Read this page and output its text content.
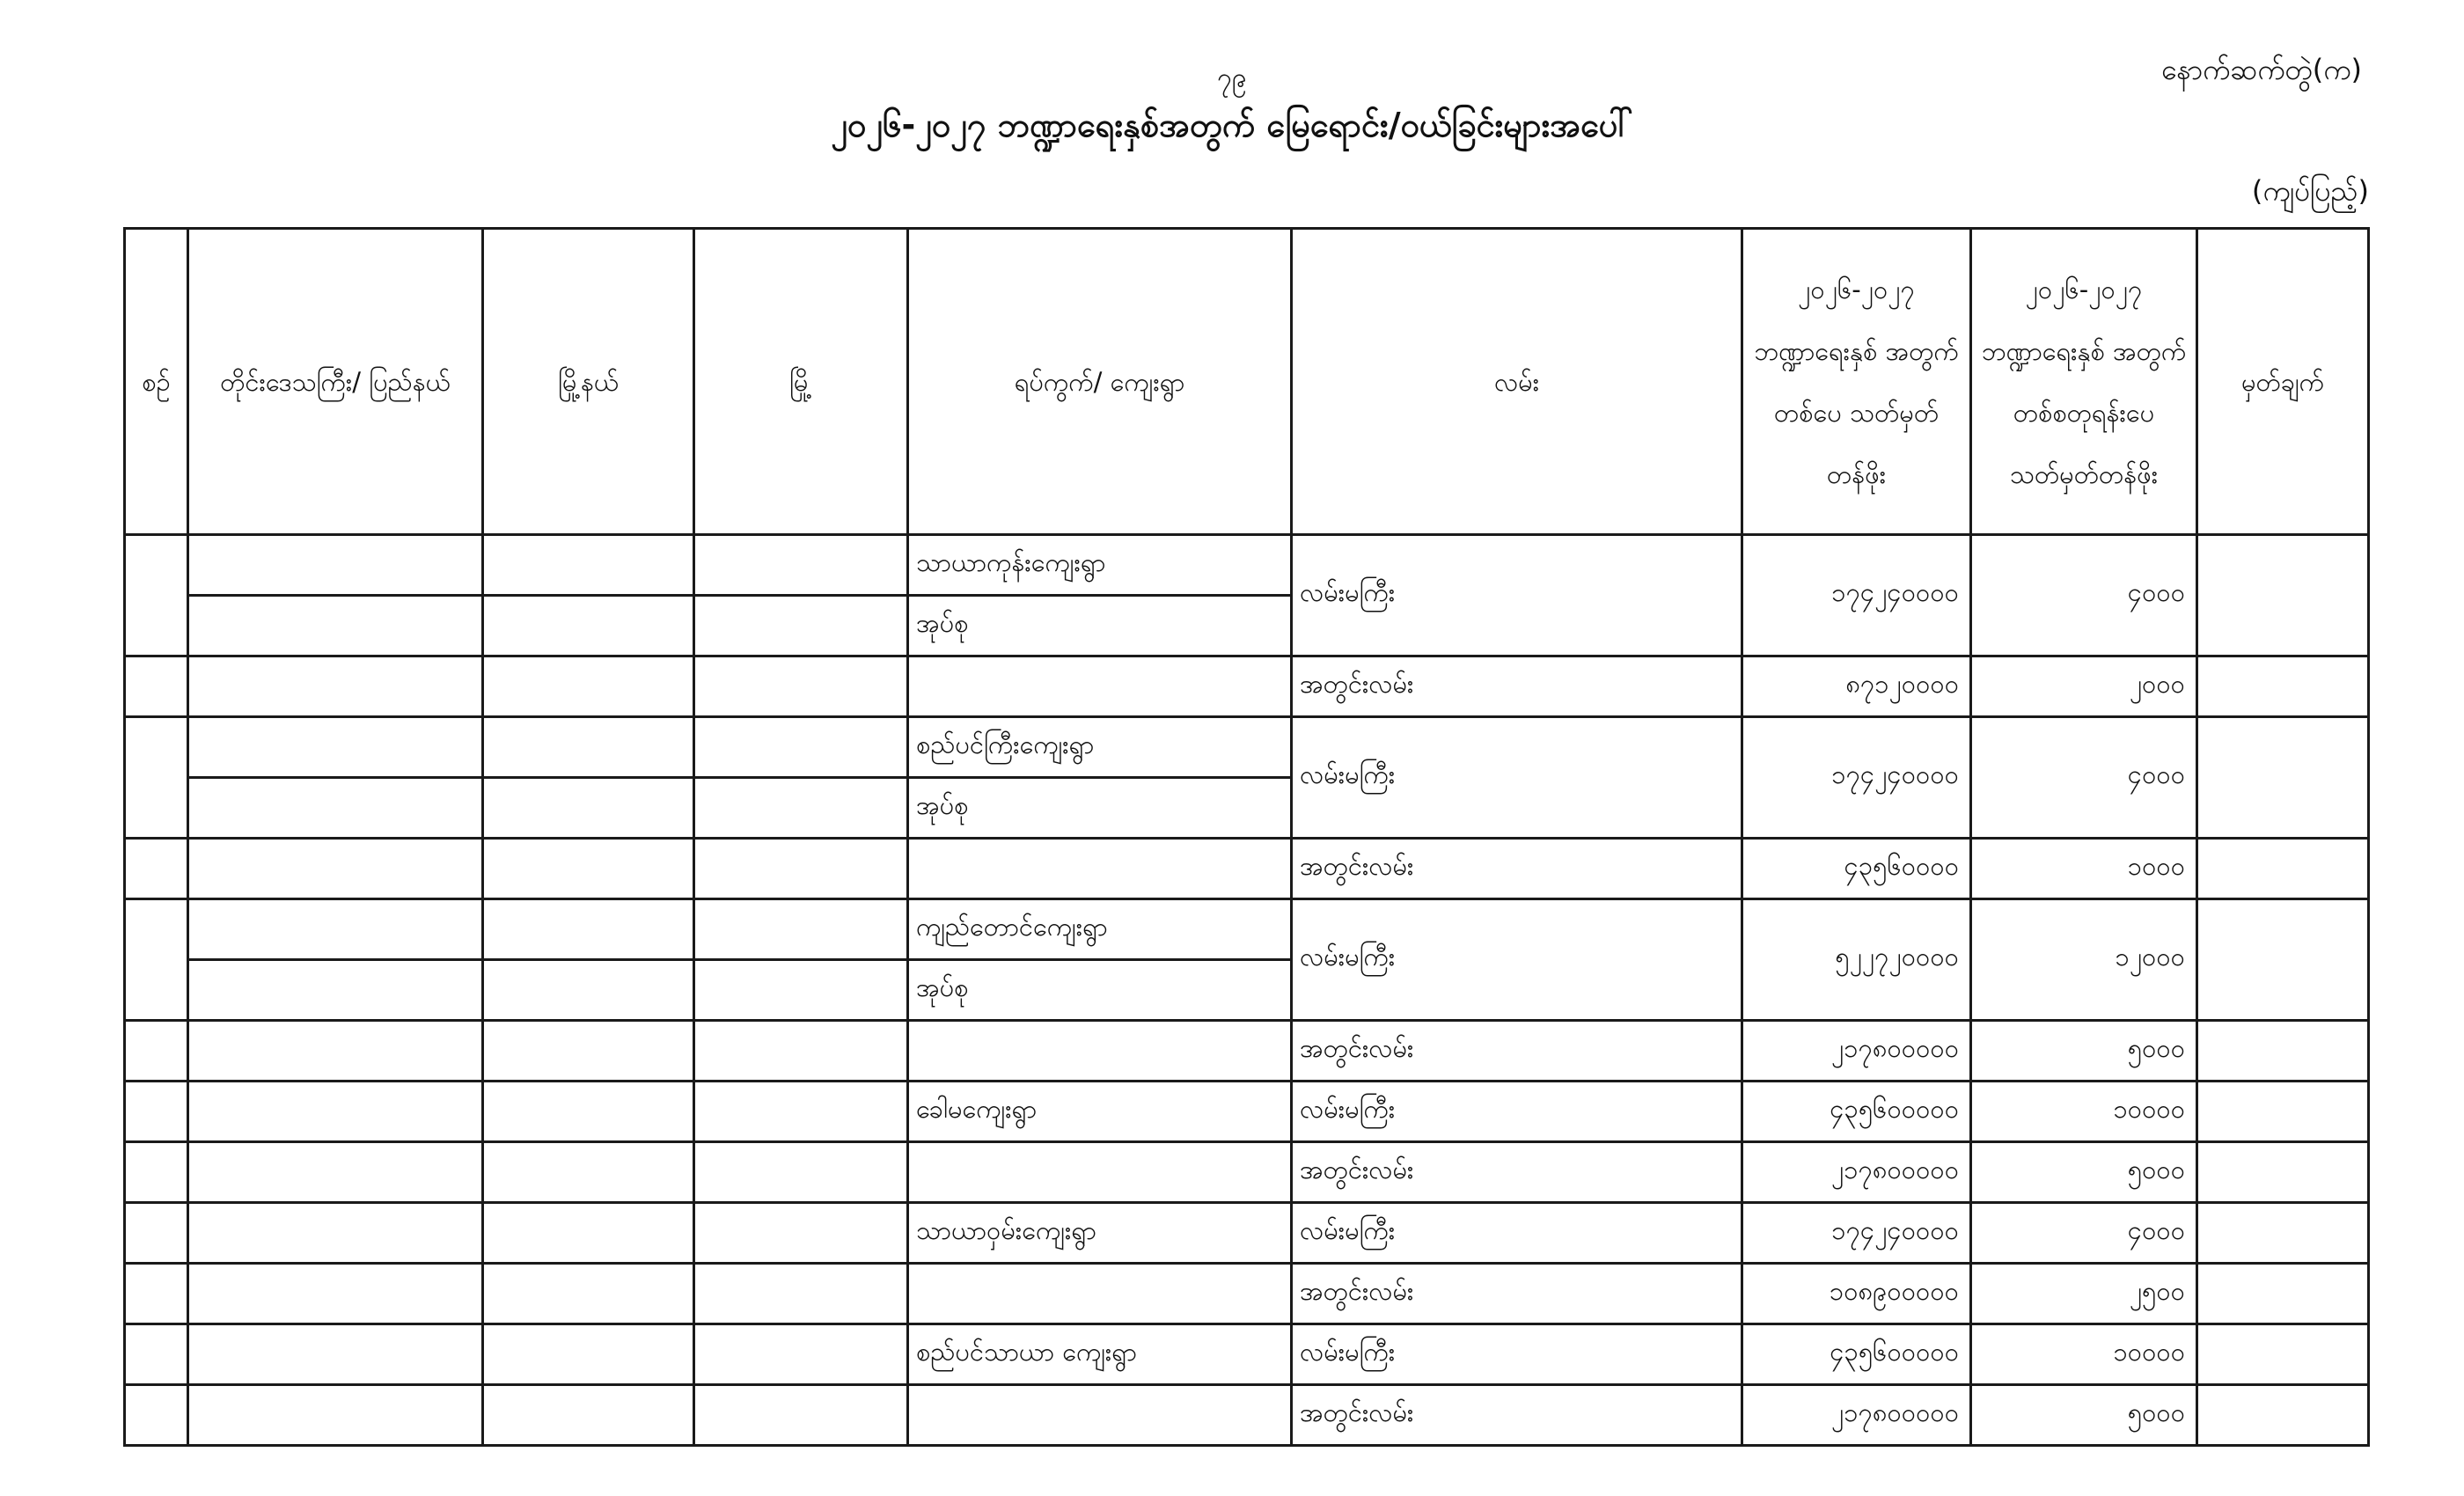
၇၉	နောက်ဆက်တွဲ(က)
၂၀၂၆-၂၀၂၇ ဘဏ္ဍာရေးနှစ်အတွက် မြေရောင်း/ဝယ်ခြင်းများအပေါ်
(ကျပ်ပြည့်)
စဉ်	တိုင်းဒေသကြီး/ ပြည်နယ်	မြို့နယ်	မြို့	ရပ်ကွက်/ ကျေးရွာ	လမ်း	၂၀၂၆-၂၀၂၇ ဘဏ္ဍာရေးနှစ် အတွက် တစ်ပေ သတ်မှတ်တန်ဖိုး	၂၀၂၆-၂၀၂၇ ဘဏ္ဍာရေးနှစ် အတွက် တစ်စတုရန်းပေ သတ်မှတ်တန်ဖိုး	မှတ်ချက်
				သာယာကုန်းကျေးရွာ	လမ်းမကြီး	၁၇၄၂၄၀၀၀၀	၄၀၀၀	
				အုပ်စု				
					အတွင်းလမ်း	၈၇၁၂၀၀၀၀	၂၀၀၀	
				စည်ပင်ကြီးကျေးရွာ	လမ်းမကြီး	၁၇၄၂၄၀၀၀၀	၄၀၀၀	
				အုပ်စု				
					အတွင်းလမ်း	၄၃၅၆၀၀၀၀	၁၀၀၀	
				ကျည်တောင်ကျေးရွာ	လမ်းမကြီး	၅၂၂၇၂၀၀၀၀	၁၂၀၀၀	
				အုပ်စု				
					အတွင်းလမ်း	၂၁၇၈၀၀၀၀၀	၅၀၀၀	
				ခေါမကျေးရွာ	လမ်းမကြီး	၄၃၅၆၀၀၀၀၀	၁၀၀၀၀	
					အတွင်းလမ်း	၂၁၇၈၀၀၀၀၀	၅၀၀၀	
				သာယာဝှမ်းကျေးရွာ	လမ်းမကြီး	၁၇၄၂၄၀၀၀၀	၄၀၀၀	
					အတွင်းလမ်း	၁၀၈၉၀၀၀၀၀	၂၅၀၀	
				စည်ပင်သာယာ ကျေးရွာ	လမ်းမကြီး	၄၃၅၆၀၀၀၀၀	၁၀၀၀၀	
					အတွင်းလမ်း	၂၁၇၈၀၀၀၀၀	၅၀၀၀	
